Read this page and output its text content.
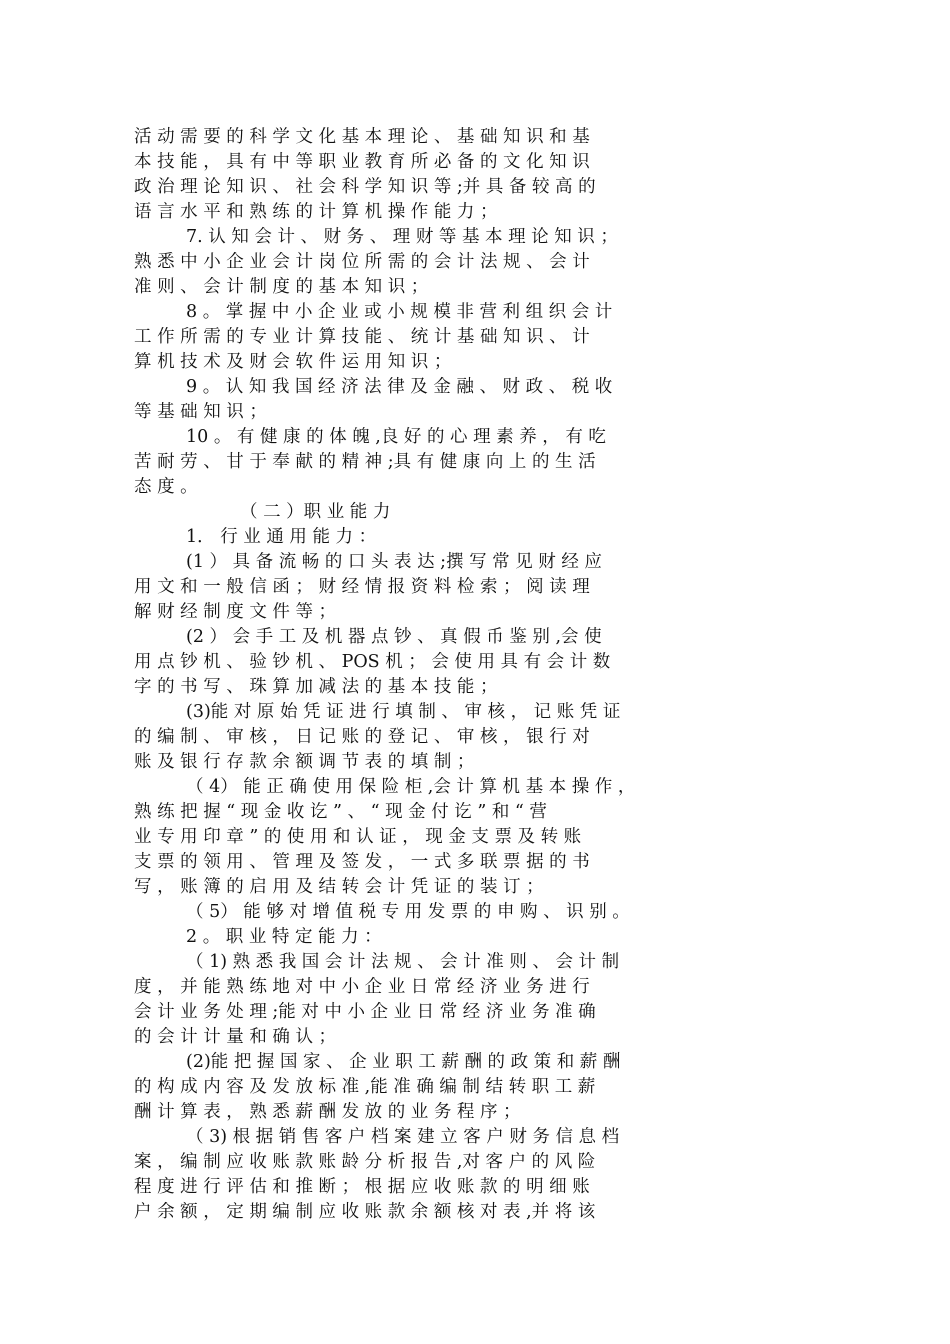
活 动 需 要 的 科 学 文 化 基 本 理 论 、 基 础 知 识 和 基
本 技 能 ， 具 有 中 等 职 业 教 育 所 必 备 的 文 化 知 识
政 治 理 论 知 识 、 社 会 科 学 知 识 等 ;并 具 备 较 高 的
语 言 水 平 和 熟 练 的 计 算 机 操 作 能 力 ；
7. 认 知 会 计 、 财 务 、 理 财 等 基 本 理 论 知 识 ；
熟 悉 中 小 企 业 会 计 岗 位 所 需 的 会 计 法 规 、 会 计
准 则 、 会 计 制 度 的 基 本 知 识 ；
8 。 掌 握 中 小 企 业 或 小 规 模 非 营 利 组 织 会 计
工 作 所 需 的 专 业 计 算 技 能 、 统 计 基 础 知 识 、 计
算 机 技 术 及 财 会 软 件 运 用 知 识 ；
9 。 认 知 我 国 经 济 法 律 及 金 融 、 财 政 、 税 收
等 基 础 知 识 ；
10 。 有 健 康 的 体 魄 ,良 好 的 心 理 素 养 ， 有 吃
苦 耐 劳 、 甘 于 奉 献 的 精 神 ;具 有 健 康 向 上 的 生 活
态 度 。
（ 二 ）职 业 能 力
1． 行 业 通 用 能 力 ：
(1 ） 具 备 流 畅 的 口 头 表 达 ;撰 写 常 见 财 经 应
用 文 和 一 般 信 函 ； 财 经 情 报 资 料 检 索 ； 阅 读 理
解 财 经 制 度 文 件 等 ；
(2 ） 会 手 工 及 机 器 点 钞 、 真 假 币 鉴 别 ,会 使
用 点 钞 机 、 验 钞 机 、 POS 机 ； 会 使 用 具 有 会 计 数
字 的 书 写 、 珠 算 加 减 法 的 基 本 技 能 ；
(3)能 对 原 始 凭 证 进 行 填 制 、 审 核 ， 记 账 凭 证
的 编 制 、 审 核 ， 日 记 账 的 登 记 、 审 核 ， 银 行 对
账 及 银 行 存 款 余 额 调 节 表 的 填 制 ；
（ 4） 能 正 确 使 用 保 险 柜 ,会 计 算 机 基 本 操 作 ，
熟 练 把 握 “ 现 金 收 讫 ” 、 “ 现 金 付 讫 ” 和 “ 营
业 专 用 印 章 ” 的 使 用 和 认 证 ， 现 金 支 票 及 转 账
支 票 的 领 用 、 管 理 及 签 发 ， 一 式 多 联 票 据 的 书
写 ， 账 簿 的 启 用 及 结 转 会 计 凭 证 的 装 订 ；
（ 5） 能 够 对 增 值 税 专 用 发 票 的 申 购 、 识 别 。
2 。 职 业 特 定 能 力 ：
（ 1) 熟 悉 我 国 会 计 法 规 、 会 计 准 则 、 会 计 制
度 ， 并 能 熟 练 地 对 中 小 企 业 日 常 经 济 业 务 进 行
会 计 业 务 处 理 ;能 对 中 小 企 业 日 常 经 济 业 务 准 确
的 会 计 计 量 和 确 认 ；
(2)能 把 握 国 家 、 企 业 职 工 薪 酬 的 政 策 和 薪 酬
的 构 成 内 容 及 发 放 标 准 ,能 准 确 编 制 结 转 职 工 薪
酬 计 算 表 ， 熟 悉 薪 酬 发 放 的 业 务 程 序 ；
（ 3) 根 据 销 售 客 户 档 案 建 立 客 户 财 务 信 息 档
案 ， 编 制 应 收 账 款 账 龄 分 析 报 告 ,对 客 户 的 风 险
程 度 进 行 评 估 和 推 断 ； 根 据 应 收 账 款 的 明 细 账
户 余 额 ， 定 期 编 制 应 收 账 款 余 额 核 对 表 ,并 将 该
